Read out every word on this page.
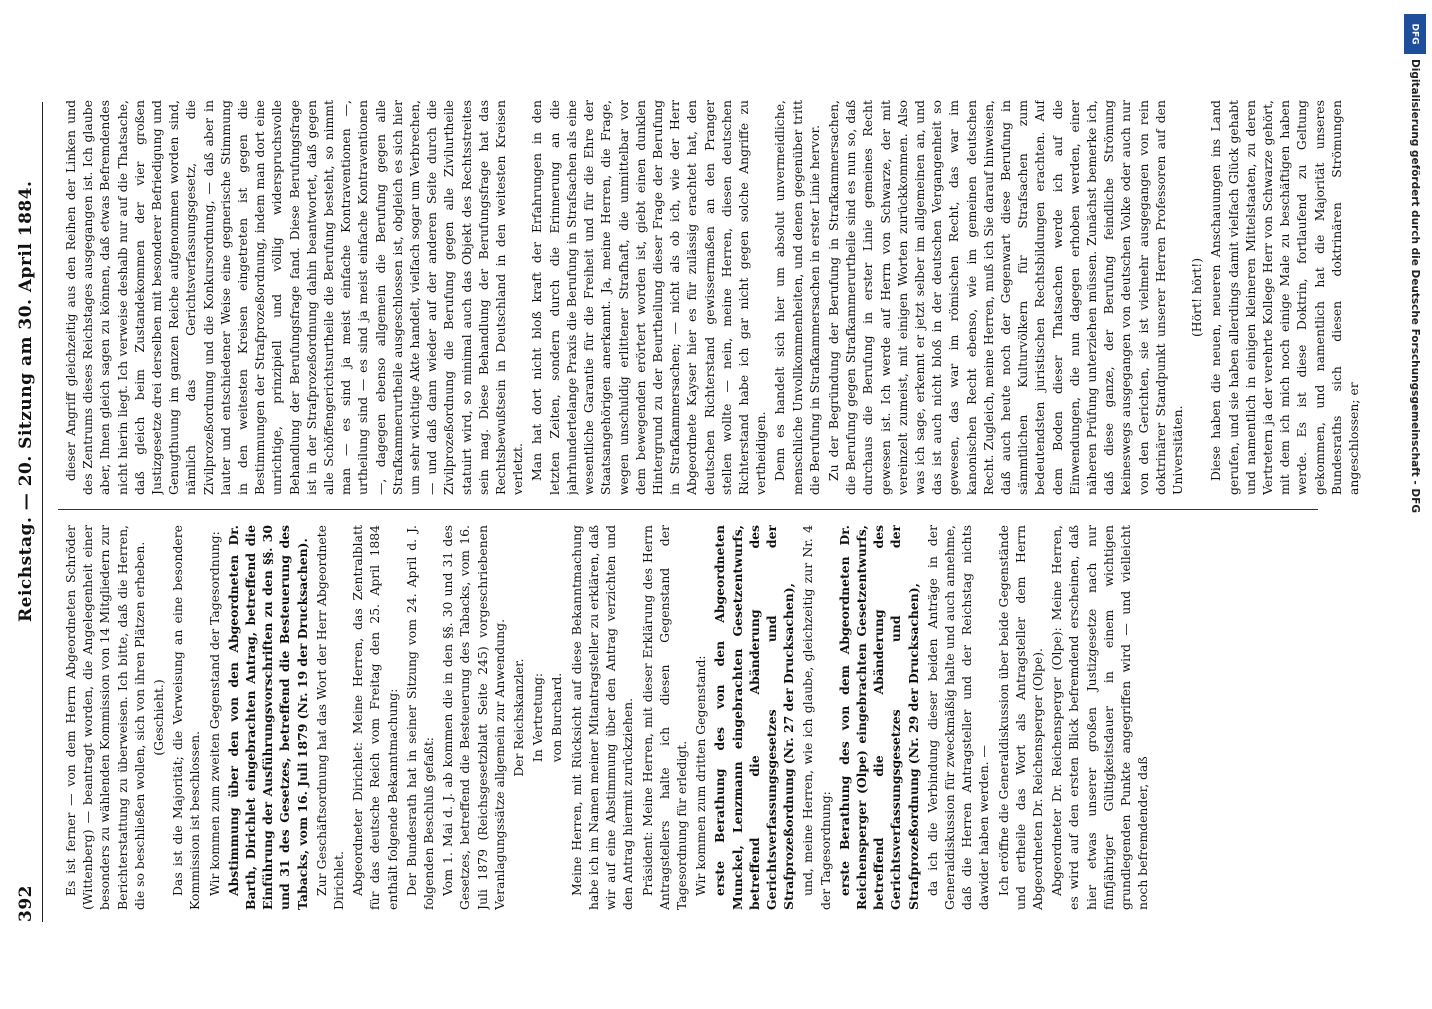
392
Reichstag. — 20. Sitzung am 30. April 1884.

Es ist ferner — von dem Herrn Abgeordneten Schröder (Wittenberg) — beantragt worden, die Angelegenheit einer besonders zu wählenden Kommission von 14 Mitgliedern zur Berichterstattung zu überweisen. Ich bitte, daß die Herren, die so beschließen wollen, sich von ihren Plätzen erheben. (Geschieht.) Das ist die Majorität; die Verweisung an eine besondere Kommission ist beschlossen. Wir kommen zum zweiten Gegenstand der Tagesordnung: Abstimmung über den von den Abgeordneten Dr. Barth, Dirichlet eingebrachten Antrag, betreffend die Einführung der Ausführungsvorschriften zu den §§. 30 und 31 des Gesetzes, betreffend die Besteuerung des Tabacks, vom 16. Juli 1879 (Nr. 19 der Drucksachen). Zur Geschäftsordnung hat das Wort der Herr Abgeordnete Dirichlet. Abgeordneter Dirichlet: Meine Herren, das Zentralblatt für das deutsche Reich vom Freitag den 25. April 1884 enthält folgende Bekanntmachung: Der Bundesrath hat in seiner Sitzung vom 24. April d. J. folgenden Beschluß gefaßt: Vom 1. Mai d. J. ab kommen die in den §§. 30 und 31 des Gesetzes, betreffend die Besteuerung des Tabacks, vom 16. Juli 1879 (Reichsgesetzblatt Seite 245) vorgeschriebenen Veranlagungssätze allgemein zur Anwendung. Der Reichskanzler. In Vertretung: von Burchard. Meine Herren, mit Rücksicht auf diese Bekanntmachung habe ich im Namen meiner Mitantragsteller zu erklären, daß wir auf eine Abstimmung über den Antrag verzichten und den Antrag hiermit zurückziehen. Präsident: Meine Herren, mit dieser Erklärung des Herrn Antragstellers halte ich diesen Gegenstand der Tagesordnung für erledigt. Wir kommen zum dritten Gegenstand: erste Berathung des von den Abgeordneten Munckel, Lenzmann eingebrachten Gesetzentwurfs, betreffend die Abänderung des Gerichtsverfassungsgesetzes und der Strafprozeßordnung (Nr. 27 der Drucksachen), und, meine Herren, wie ich glaube, gleichzeitig zur Nr. 4 der Tagesordnung: erste Berathung des von dem Abgeordneten Dr. Reichensperger (Olpe) eingebrachten Gesetzentwurfs, betreffend die Abänderung des Gerichtsverfassungsgesetzes und der Strafprozeßordnung (Nr. 29 der Drucksachen), da ich die Verbindung dieser beiden Anträge in der Generaldiskussion für zweckmäßig halte und auch annehme, daß die Herren Antragsteller und der Reichstag nichts dawider haben werden. — Ich eröffne die Generaldiskussion über beide Gegenstände und ertheile das Wort als Antragsteller dem Herrn Abgeordneten Dr. Reichensperger (Olpe). Abgeordneter Dr. Reichensperger (Olpe): Meine Herren, es wird auf den ersten Blick befremdend erscheinen, daß hier etwas unserer großen Justizgesetze nach nur fünfjähriger Gültigkeitsdauer in einem wichtigen grundlegenden Punkte angegriffen wird — und vielleicht noch befremdender, daß

dieser Angriff gleichzeitig aus den Reihen der Linken und des Zentrums dieses Reichstages ausgegangen ist. Ich glaube aber, Ihnen gleich sagen zu können, daß etwas Befremdendes nicht hierin liegt. Ich verweise deshalb nur auf die Thatsache, daß gleich beim Zustandekommen der vier großen Justizgesetze drei derselben mit besonderer Befriedigung und Genugthuung im ganzen Reiche aufgenommen worden sind, nämlich das Gerichtsverfassungsgesetz, die Zivilprozeßordnung und die Konkursordnung, — daß aber in lauter und entschiedener Weise eine gegnerische Stimmung in den weitesten Kreisen eingetreten ist gegen die Bestimmungen der Strafprozeßordnung, indem man dort eine unrichtige, prinzipiell und völlig widerspruchsvolle Behandlung der Berufungsfrage fand. Diese Berufungsfrage ist in der Strafprozeßordnung dahin beantwortet, daß gegen alle Schöffengerichtsurtheile die Berufung besteht, so nimmt man — es sind ja meist einfache Kontraventionen —, urtheilung sind — es sind ja meist einfache Kontraventionen —, dagegen ebenso allgemein die Berufung gegen alle Strafkammerurtheile ausgeschlossen ist, obgleich es sich hier um sehr wichtige Akte handelt, vielfach sogar um Verbrechen, — und daß dann wieder auf der anderen Seite durch die Zivilprozeßordnung die Berufung gegen alle Zivilurtheile statuirt wird, so minimal auch das Objekt des Rechtsstreites sein mag. Diese Behandlung der Berufungsfrage hat das Rechtsbewußtsein in Deutschland in den weitesten Kreisen verletzt. Man hat dort nicht bloß kraft der Erfahrungen in den letzten Zeiten, sondern durch die Erinnerung an die jahrhundertelange Praxis die Berufung in Strafsachen als eine wesentliche Garantie für die Freiheit und für die Ehre der Staatsangehörigen anerkannt. Ja, meine Herren, die Frage, wegen unschuldig erlittener Strafhaft, die unmittelbar vor dem bewegenden erörtert worden ist, giebt einen dunklen Hintergrund zu der Beurtheilung dieser Frage der Berufung in Strafkammersachen; — nicht als ob ich, wie der Herr Abgeordnete Kayser hier es für zulässig erachtet hat, den deutschen Richterstand gewissermaßen an den Pranger stellen wollte — nein, meine Herren, diesen deutschen Richterstand habe ich gar nicht gegen solche Angriffe zu vertheidigen. Denn es handelt sich hier um absolut unvermeidliche, menschliche Unvollkommenheiten, und denen gegenüber tritt die Berufung in Strafkammersachen in erster Linie hervor. Zu der Begründung der Berufung in Strafkammersachen, die Berufung gegen Strafkammerurtheile sind es nun so, daß durchaus die Berufung in erster Linie gemeines Recht gewesen ist. Ich werde auf Herrn von Schwarze, der mit vereinzelt zumeist, mit einigen Worten zurückkommen. Also was ich sage, erkennt er jetzt selber im allgemeinen an, und das ist auch nicht bloß in der deutschen Vergangenheit so gewesen, das war im römischen Recht, das war im kanonischen Recht ebenso, wie im gemeinen deutschen Recht. Zugleich, meine Herren, muß ich Sie darauf hinweisen, daß auch heute noch der Gegenwart diese Berufung in sämmtlichen Kulturvölkern für Strafsachen zum bedeutendsten juristischen Rechtsbildungen erachten. Auf dem Boden dieser Thatsachen werde ich auf die Einwendungen, die nun dagegen erhoben werden, einer näheren Prüfung unterziehen müssen. Zunächst bemerke ich, daß diese ganze, der Berufung feindliche Strömung keineswegs ausgegangen von deutschen Volke oder auch nur von den Gerichten, sie ist vielmehr ausgegangen von rein doktrinärer Standpunkt unserer Herren Professoren auf den Universitäten.

(Hört! hört!) Diese haben die neuen, neueren Anschauungen ins Land gerufen, und sie haben allerdings damit vielfach Glück gehabt und namentlich in einigen kleineren Mittelstaaten, zu deren Vertretern ja der verehrte Kollege Herr von Schwarze gehört, mit dem ich mich noch einige Male zu beschäftigen haben werde. Es ist diese Doktrin, fortlaufend zu Geltung gekommen, und namentlich hat die Majorität unseres Bundesraths sich diesen doktrinären Strömungen angeschlossen; er

DFG
Digitalisierung gefördert durch die Deutsche Forschungsgemeinschaft - DFG
